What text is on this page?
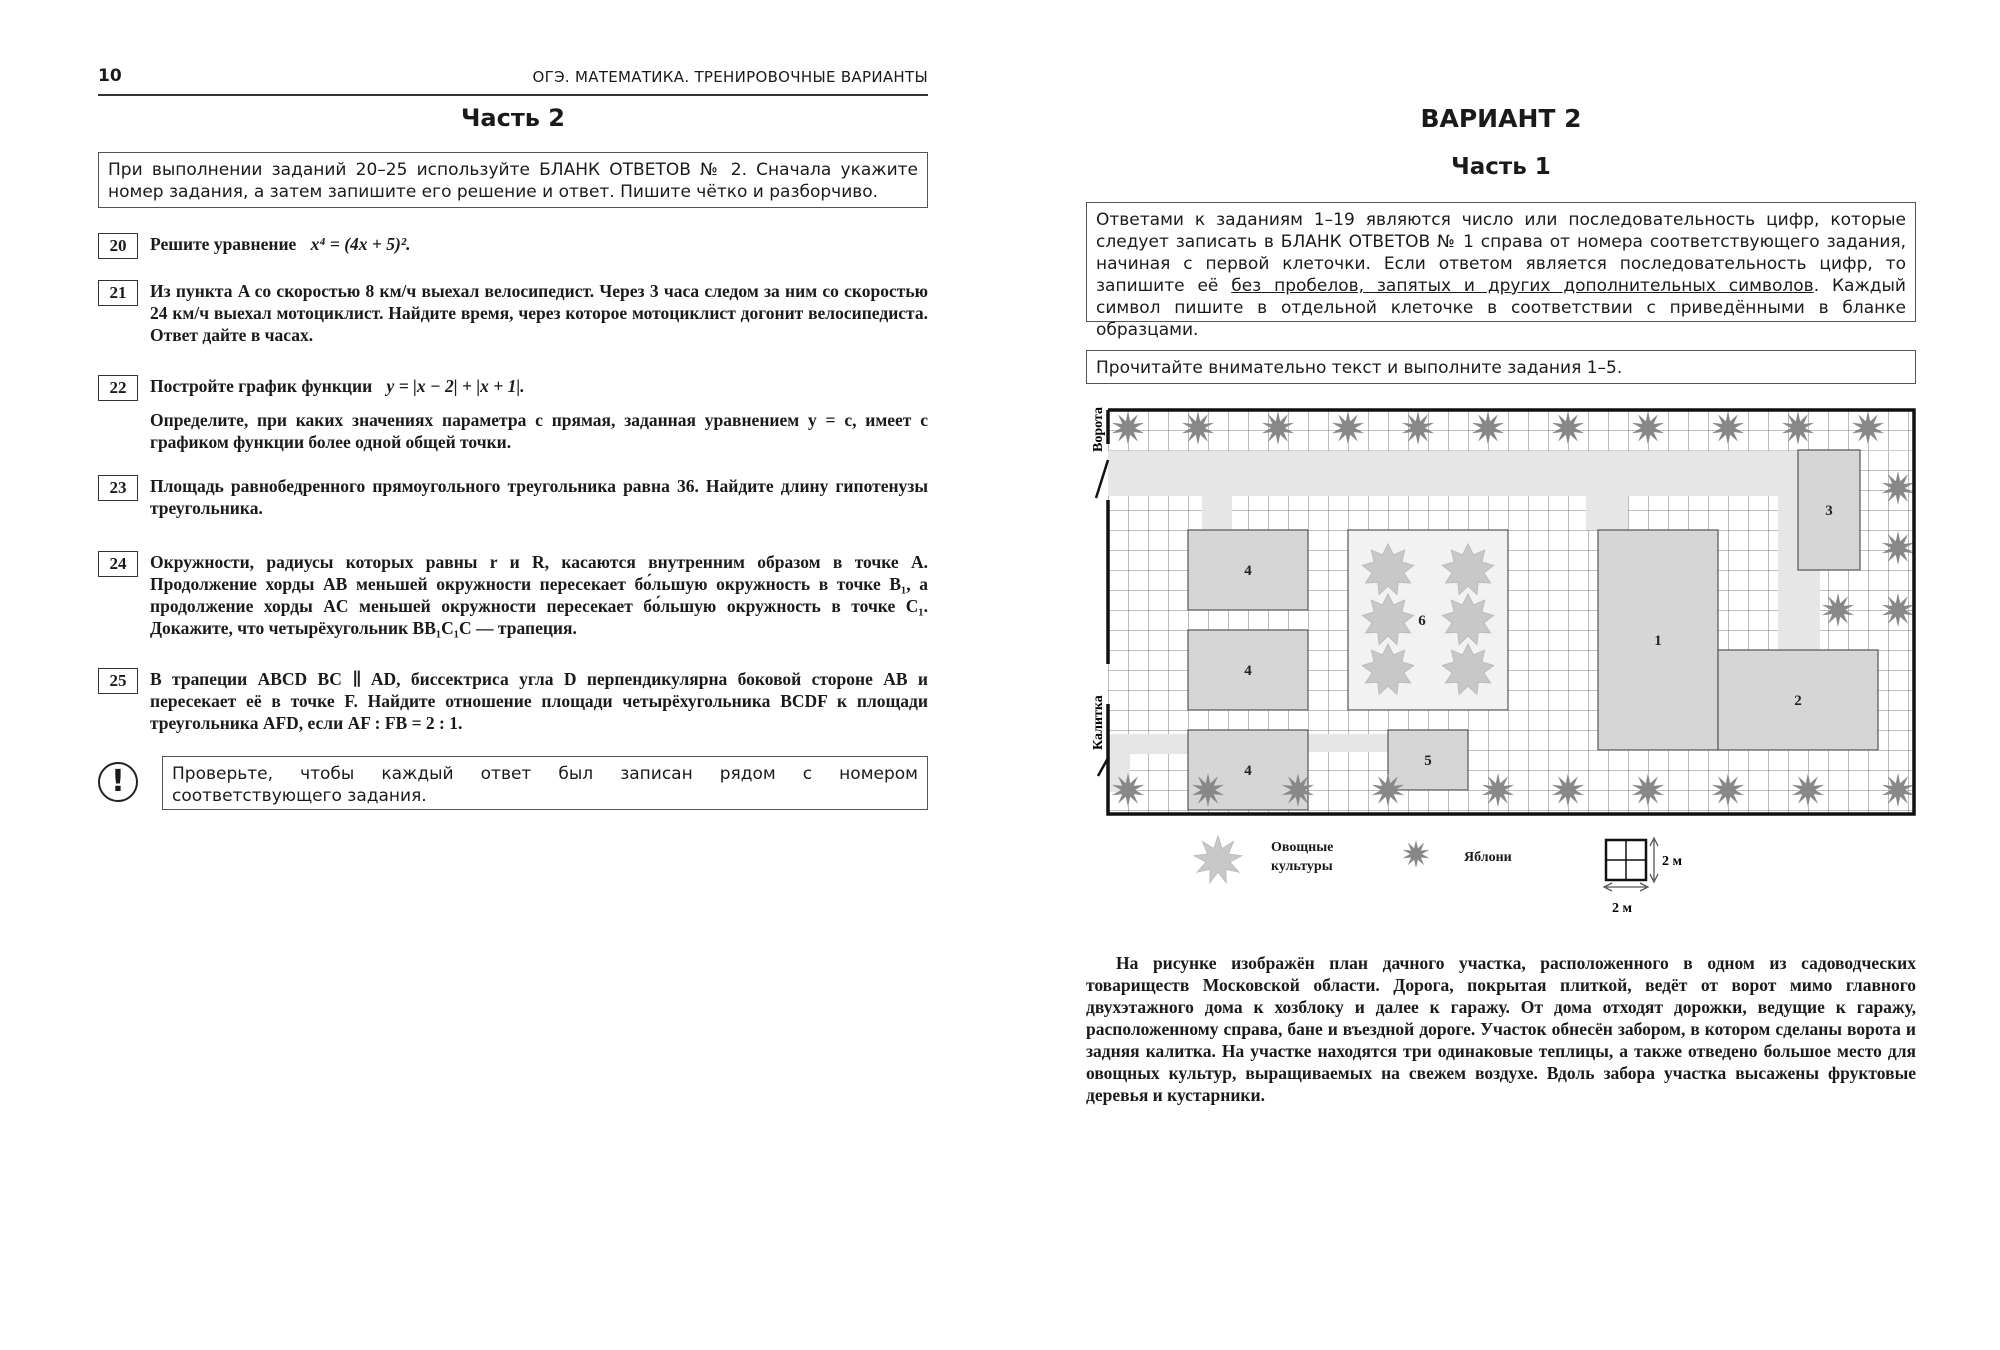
10	ОГЭ. МАТЕМАТИКА. ТРЕНИРОВОЧНЫЕ ВАРИАНТЫ
Часть 2
При выполнении заданий 20–25 используйте БЛАНК ОТВЕТОВ № 2. Сначала укажите номер задания, а затем запишите его решение и ответ. Пишите чётко и разборчиво.
20	Решите уравнение x⁴ = (4x + 5)².

21	Из пункта A со скоростью 8 км/ч выехал велосипедист. Через 3 часа следом за ним со скоростью 24 км/ч выехал мотоциклист. Найдите время, через которое мотоциклист догонит велосипедиста. Ответ дайте в часах.

22	Постройте график функции y = |x − 2| + |x + 1|.

Определите, при каких значениях параметра c прямая, заданная уравнением y = c, имеет с графиком функции более одной общей точки.

23	Площадь равнобедренного прямоугольного треугольника равна 36. Найдите длину гипотенузы треугольника.

24	Окружности, радиусы которых равны r и R, касаются внутренним образом в точке A. Продолжение хорды AB меньшей окружности пересекает бо́льшую окружность в точке B₁, а продолжение хорды AC меньшей окружности пересекает бо́льшую окружность в точке C₁. Докажите, что четырёхугольник BB₁C₁C — трапеция.

25	В трапеции ABCD BC ∥ AD, биссектриса угла D перпендикулярна боковой стороне AB и пересекает её в точке F. Найдите отношение площади четырёхугольника BCDF к площади треугольника AFD, если AF : FB = 2 : 1.

!	Проверьте, чтобы каждый ответ был записан рядом с номером соответствующего задания.
ВАРИАНТ 2
Часть 1
Ответами к заданиям 1–19 являются число или последовательность цифр, которые следует записать в БЛАНК ОТВЕТОВ № 1 справа от номера соответствующего задания, начиная с первой клеточки. Если ответом является последовательность цифр, то запишите её без пробелов, запятых и других дополнительных символов. Каждый символ пишите в отдельной клеточке в соответствии с приведёнными в бланке образцами.
Прочитайте внимательно текст и выполните задания 1–5.
1
2
3
4
4
4
5
6
Ворота
Калитка
2 м
2 м
Овощные культуры
Яблони
На рисунке изображён план дачного участка, расположенного в одном из садоводческих товариществ Московской области. Дорога, покрытая плиткой, ведёт от ворот мимо главного двухэтажного дома к хозблоку и далее к гаражу. От дома отходят дорожки, ведущие к гаражу, расположенному справа, бане и въездной дороге. Участок обнесён забором, в котором сделаны ворота и задняя калитка. На участке находятся три одинаковые теплицы, а также отведено большое место для овощных культур, выращиваемых на свежем воздухе. Вдоль забора участка высажены фруктовые деревья и кустарники.
